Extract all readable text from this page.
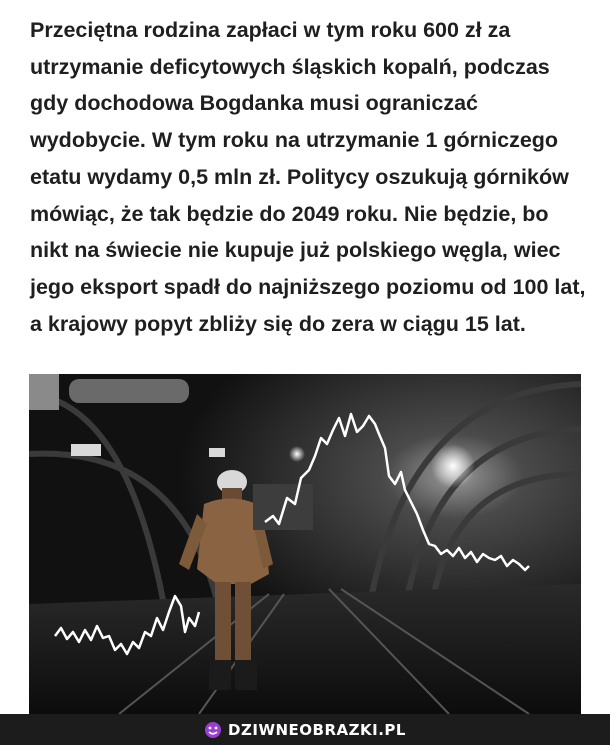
Przeciętna rodzina zapłaci w tym roku 600 zł za utrzymanie deficytowych śląskich kopalń, podczas gdy dochodowa Bogdanka musi ograniczać wydobycie. W tym roku na utrzymanie 1 górniczego etatu wydamy 0,5 mln zł. Politycy oszukują górników mówiąc, że tak będzie do 2049 roku. Nie będzie, bo nikt na świecie nie kupuje już polskiego węgla, wiec jego eksport spadł do najniższego poziomu od 100 lat, a krajowy popyt zbliży się do zera w ciągu 15 lat.

DZIWNEOBRAZKI.PL
